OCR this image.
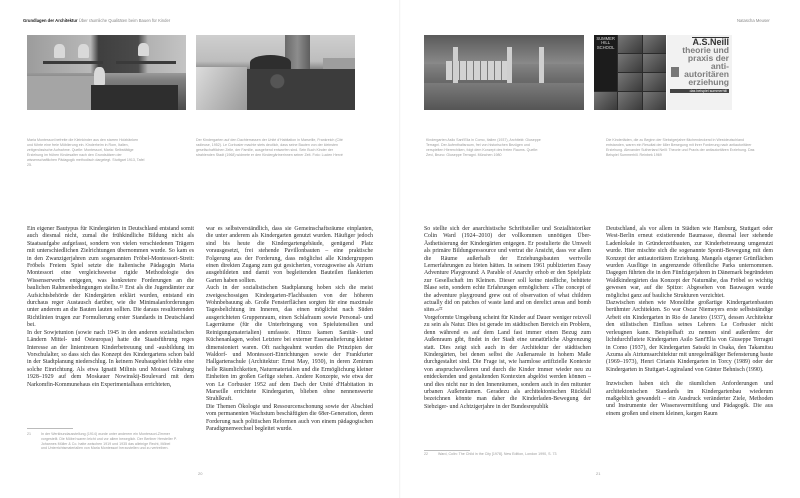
Grundlagen der Architektur Über räumliche Qualitäten beim Bauen für Kinder
Maria Montessori befreite die Kleinkinder aus den starren Holzbänken und führte eine freie Möblierung ein. Kinderheim in Rom, Italien, zeitgenössische Aufnahme. Quelle: Montessori, Maria: Selbsttätige Erziehung im frühen Kindesalter nach den Grundsätzen der wissenschaftlichen Pädagogik methodisch dargelegt. Stuttgart 1913, Tafel 25.
Der Kindergarten auf den Dachterrassen der Unité d'Habitation in Marseille, Frankreich (Cité radieuse, 1952). Le Corbusier machte stets deutlich, dass seine Bauten von der kleinsten gesellschaftlichen Zelle, der Familie, ausgehend entworfen sind. Sein Buch Kinder der strahlenden Stadt (1968) widmete er den Kindergärtnerinnen seiner Zeit. Foto: Lucien Hervé

Ein eigener Bautypus für Kindergärten in Deutschland entstand somit auch diesmal nicht, zumal die frühkindliche Bildung nicht als Staatsaufgabe aufgefasst, sondern von vielen verschiedenen Trägern mit unterschiedlichen Zielrichtungen übernommen wurde. So kam es in den Zwanzigerjahren zum sogenannten Fröbel-Montessori-Streit: Fröbels Freiem Spiel setzte die italienische Pädagogin Maria Montessori eine vergleichsweise rigide Methodologie des Wissenserwerbs entgegen, was konkretere Forderungen an die baulichen Rahmenbedingungen stellte.²¹ Erst als die Jugendämter zur Aufsichtsbehörde der Kindergärten erklärt wurden, entstand ein durchaus reger Austausch darüber, wie die Minimalanforderungen unter anderem an die Bauten lauten sollten. Die daraus resultierenden Richtlinien trugen zur Formulierung erster Standards in Deutschland bei.

In der Sowjetunion (sowie nach 1945 in den anderen sozialistischen Ländern Mittel- und Osteuropas) hatte die Staatsführung reges Interesse an der linientreuen Kinderbetreuung und -ausbildung im Vorschulalter, so dass sich das Konzept des Kindergartens schon bald in der Stadtplanung niederschlug. In keinem Neubaugebiet fehlte eine solche Einrichtung. Als etwa Ignatii Milinis und Moissei Ginsburg 1928–1929 auf dem Moskauer Nowinskij-Boulevard mit dem Narkomfin-Kommunehaus ein Experimentalhaus errichteten,

war es selbstverständlich, dass sie Gemeinschaftsräume einplanten, die unter anderem als Kindergarten genutzt wurden. Häufiger jedoch sind bis heute die Kindergartengebäude, genügend Platz vorausgesetzt, frei stehende Pavillonbauten – eine praktische Folgerung aus der Forderung, dass möglichst alle Kindergruppen einen direkten Zugang zum gut gesicherten, vorzugsweise als Atrium ausgebildeten und damit von begleitenden Bauteilen flankierten Garten haben sollten.

Auch in der sozialistischen Stadtplanung hoben sich die meist zweigeschossigen Kindergarten-Flachbauten von der höheren Wohnbebauung ab. Große Fensterflächen sorgten für eine maximale Tagesbelichtung im Inneren, das einen möglichst nach Süden ausgerichteten Gruppenraum, einen Schlafraum sowie Personal- und Lagerräume (für die Unterbringung von Spielutensilien und Reinigungsmaterialien) umfasste. Hinzu kamen Sanitär- und Küchenanlagen, wobei Letztere bei externer Essenanlieferung kleiner dimensioniert waren. Oft nachgeahmt wurden die Prinzipien der Waldorf- und Montessori-Einrichtungen sowie der Frankfurter Hallgartenschule (Architektur: Ernst May, 1930), in deren Zentrum helle Räumlichkeiten, Naturmaterialien und die Ermöglichung kleiner Einheiten im großen Gefüge stehen. Andere Konzepte, wie etwa der von Le Corbusier 1952 auf dem Dach der Unité d'Habitation in Marseille errichtete Kindergarten, blieben ohne nennenswerte Strahlkraft.

Die Themen Ökologie und Ressourcenschonung sowie der Abschied vom permanenten Wachstum beschäftigten die 68er-Generation, deren Forderung nach politischen Reformen auch von einem pädagogischen Paradigmenwechsel begleitet wurde.

21	In der Werkbundausstellung (1914) wurde unter anderem ein Montessori-Zimmer vorgestellt. Die Möbel waren leicht und vor allem beweglich. Der Berliner Hersteller P. Johannes Müller & Co. hatte zwischen 1919 und 1935 das alleinige Recht, Möbel und Unterrichtsmaterialien von Maria Montessori herzustellen und zu vertreiben.
20
Natascha Meuser
Kindergarten Asilo Sant'Elia in Como, Italien (1937), Architekt: Giuseppe Terragni. Der Aufenthaltsraum, frei von historischen Bezügen und verspielten Hiererchiken, folgt dem Konzept des freien Raums. Quelle: Zevi, Bruno: Giuseppe Terragni. München 1980
SUMMER HILL SCHOOL
A.S.Neill
theorie und praxis der anti-autoritären erziehung
das beispiel summerhill
Die Kinderläden, die zu Beginn der Siebzigerjahre flächendeckend in Westdeutschland entstanden, waren ein Resultat der 68er Bewegung mit ihrer Forderung nach antiautoritärer Erziehung. Alexander Sutherland Neill: Theorie und Praxis der antiautoritären Erziehung. Das Beispiel Summerhill. Reinbek 1969

So stellte sich der anarchistische Schriftsteller und Sozialhistoriker Colin Ward (1924–2010) der vollkommen unnötigen Über-Ästhetisierung der Kindergärten entgegen. Er postulierte die Umwelt als primäre Bildungsressource und vertrat die Ansicht, dass vor allem die Räume außerhalb der Erziehungsbauten wertvolle Lernerfahrungen zu bieten hätten. In seinem 1961 publizierten Essay Adventure Playground: A Parable of Anarchy erhob er den Spielplatz zur Gesellschaft im Kleinen. Dieser soll keine niedliche, behütete Blase sein, sondern echte Erfahrungen ermöglichen: »The concept of the adventure playground grew out of observation of what children actually did on patches of waste land and on derelict areas and bomb sites.«²²

Vorgeformte Umgebung scheint für Kinder auf Dauer weniger reizvoll zu sein als Natur. Dies ist gerade im städtischen Bereich ein Problem, denn während es auf dem Land fast immer einen Bezug zum Außenraum gibt, findet in der Stadt eine unnatürliche Abgrenzung statt. Dies zeigt sich auch in der Architektur der städtischen Kindergärten, bei denen selbst die Außenareale in hohem Maße durchgestaltet sind. Die Frage ist, wie harmlose artifizielle Kontexte von anspruchsvolleren und durch die Kinder immer wieder neu zu entdeckenden und gestaltenden Kontexten abgelöst werden können – und dies nicht nur in den Innenräumen, sondern auch in den mitunter urbanen Außenräumen. Geradezu als architektonischen Rückfall bezeichnen könnte man daher die Kinderladen-Bewegung der Siebziger- und Achtzigerjahre in der Bundesrepublik

Deutschland, als vor allem in Städten wie Hamburg, Stuttgart oder West-Berlin erneut existierende Baumasse, diesmal leer stehende Ladenlokale in Gründerzeitbauten, zur Kinderbetreuung umgenutzt wurde. Hier mischte sich die sogenannte Sponti-Bewegung mit dem Konzept der antiautoritären Erziehung. Mangels eigener Grünflächen wurden Ausflüge in angrenzende öffentliche Parks unternommen. Dagegen führten die in den Fünfzigerjahren in Dänemark begründeten Waldkindergärten das Konzept der Naturnähe, das Fröbel so wichtig gewesen war, auf die Spitze: Abgesehen von Bauwagen wurde möglichst ganz auf bauliche Strukturen verzichtet.

Dazwischen stehen wie Monolithe großartige Kindergartenbauten berühmter Architekten. So war Oscar Niemeyers erste selbstständige Arbeit ein Kindergarten in Rio de Janeiro (1937), dessen Architektur den stilistischen Einfluss seines Lehrers Le Corbusier nicht verleugnen kann. Beispielhaft zu nennen sind außerdem: der lichtdurchflutete Kindergarten Asilo Sant'Elia von Giuseppe Terragni in Como (1937), der Kindergarten Satsuki in Osaka, den Takamitsu Azuma als Atriumsarchitektur mit unregelmäßiger Befensterung baute (1969–1973), Henri Cirianis Kindergarten in Torcy (1989) oder der Kindergarten in Stuttgart-Luginsland von Günter Behnisch (1990).

Inzwischen haben sich die räumlichen Anforderungen und architektonischen Standards im Kindergartenbau wiederum maßgeblich gewandelt – ein Ausdruck veränderter Ziele, Methoden und Instrumente der Wissensvermittlung und Pädagogik. Die aus einem großen und einem kleinen, kargen Raum

22	Ward, Colin: The Child in the City [1978]. New Edition, London 1990, S. 73
21
